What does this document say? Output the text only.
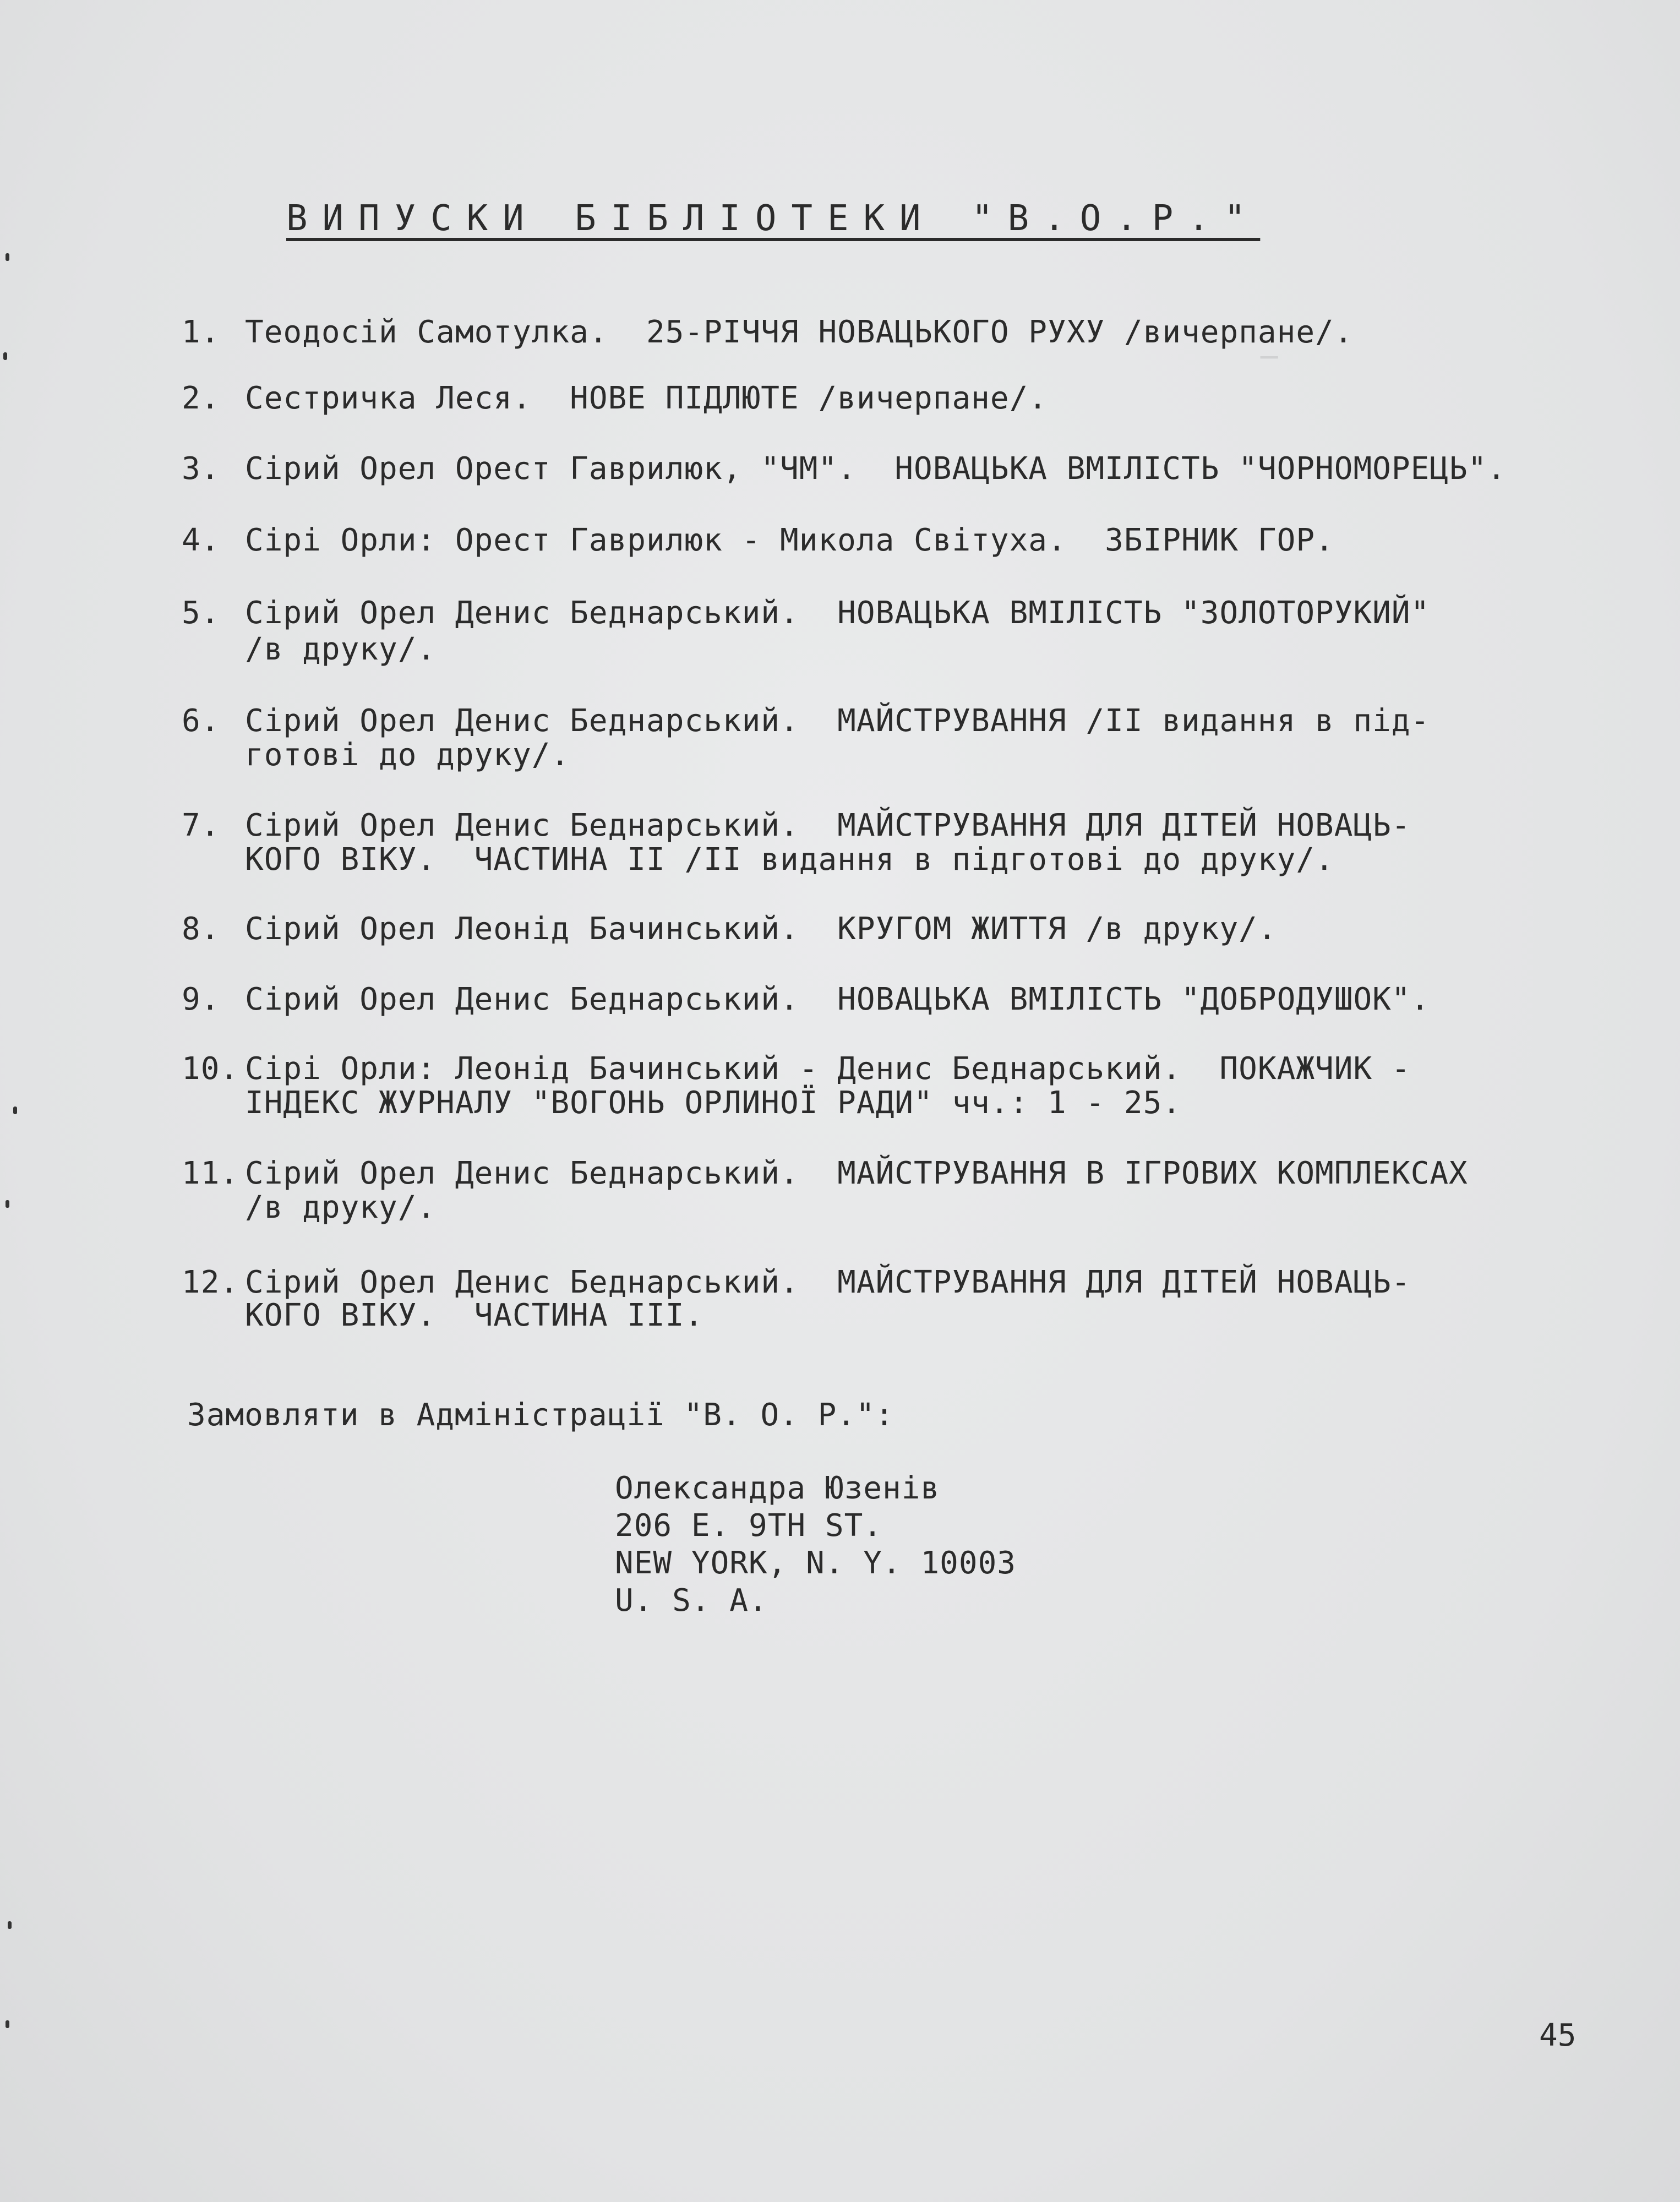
─
ВИПУСКИ БІБЛІОТЕКИ "В.О.Р."
1. Теодосій Самотулка.  25-РІЧЧЯ НОВАЦЬКОГО РУХУ /вичерпане/.
2. Сестричка Леся.  НОВЕ ПІДЛЮТЕ /вичерпане/.
3. Сірий Орел Орест Гаврилюк, "ЧМ".  НОВАЦЬКА ВМІЛІСТЬ "ЧОРНОМОРЕЦЬ".
4. Сірі Орли: Орест Гаврилюк - Микола Світуха.  ЗБІРНИК ГОР.
5. Сірий Орел Денис Беднарський.  НОВАЦЬКА ВМІЛІСТЬ "ЗОЛОТОРУКИЙ"
/в друку/.
6. Сірий Орел Денис Беднарський.  МАЙСТРУВАННЯ /II видання в під-
готові до друку/.
7. Сірий Орел Денис Беднарський.  МАЙСТРУВАННЯ ДЛЯ ДІТЕЙ НОВАЦЬ-
КОГО ВІКУ.  ЧАСТИНА II /II видання в підготові до друку/.
8. Сірий Орел Леонід Бачинський.  КРУГОМ ЖИТТЯ /в друку/.
9. Сірий Орел Денис Беднарський.  НОВАЦЬКА ВМІЛІСТЬ "ДОБРОДУШОК".
10. Сірі Орли: Леонід Бачинський - Денис Беднарський.  ПОКАЖЧИК -
ІНДЕКС ЖУРНАЛУ "ВОГОНЬ ОРЛИНОЇ РАДИ" чч.: 1 - 25.
11. Сірий Орел Денис Беднарський.  МАЙСТРУВАННЯ В ІГРОВИХ КОМПЛЕКСАХ
/в друку/.
12. Сірий Орел Денис Беднарський.  МАЙСТРУВАННЯ ДЛЯ ДІТЕЙ НОВАЦЬ-
КОГО ВІКУ.  ЧАСТИНА III.
Замовляти в Адміністрації "В. О. Р.":
Олександра Юзенів
206 E. 9TH ST.
NEW YORK, N. Y. 10003
U. S. A.
45
